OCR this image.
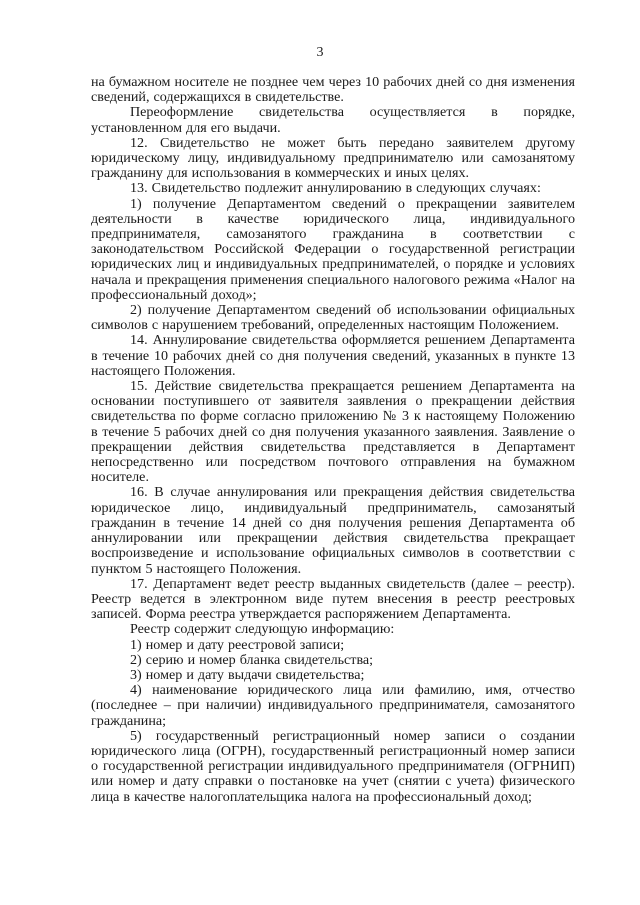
3

на бумажном носителе не позднее чем через 10 рабочих дней со дня изменения сведений, содержащихся в свидетельстве.

Переоформление свидетельства осуществляется в порядке, установленном для его выдачи.

12. Свидетельство не может быть передано заявителем другому юридическому лицу, индивидуальному предпринимателю или самозанятому гражданину для использования в коммерческих и иных целях.

13. Свидетельство подлежит аннулированию в следующих случаях:

1) получение Департаментом сведений о прекращении заявителем деятельности в качестве юридического лица, индивидуального предпринимателя, самозанятого гражданина в соответствии с законодательством Российской Федерации о государственной регистрации юридических лиц и индивидуальных предпринимателей, о порядке и условиях начала и прекращения применения специального налогового режима «Налог на профессиональный доход»;

2) получение Департаментом сведений об использовании официальных символов с нарушением требований, определенных настоящим Положением.

14. Аннулирование свидетельства оформляется решением Департамента в течение 10 рабочих дней со дня получения сведений, указанных в пункте 13 настоящего Положения.

15. Действие свидетельства прекращается решением Департамента на основании поступившего от заявителя заявления о прекращении действия свидетельства по форме согласно приложению № 3 к настоящему Положению в течение 5 рабочих дней со дня получения указанного заявления. Заявление о прекращении действия свидетельства представляется в Департамент непосредственно или посредством почтового отправления на бумажном носителе.

16. В случае аннулирования или прекращения действия свидетельства юридическое лицо, индивидуальный предприниматель, самозанятый гражданин в течение 14 дней со дня получения решения Департамента об аннулировании или прекращении действия свидетельства прекращает воспроизведение и использование официальных символов в соответствии с пунктом 5 настоящего Положения.

17. Департамент ведет реестр выданных свидетельств (далее – реестр). Реестр ведется в электронном виде путем внесения в реестр реестровых записей. Форма реестра утверждается распоряжением Департамента.

Реестр содержит следующую информацию:

1) номер и дату реестровой записи;

2) серию и номер бланка свидетельства;

3) номер и дату выдачи свидетельства;

4) наименование юридического лица или фамилию, имя, отчество (последнее – при наличии) индивидуального предпринимателя, самозанятого гражданина;

5) государственный регистрационный номер записи о создании юридического лица (ОГРН), государственный регистрационный номер записи о государственной регистрации индивидуального предпринимателя (ОГРНИП) или номер и дату справки о постановке на учет (снятии с учета) физического лица в качестве налогоплательщика налога на профессиональный доход;
